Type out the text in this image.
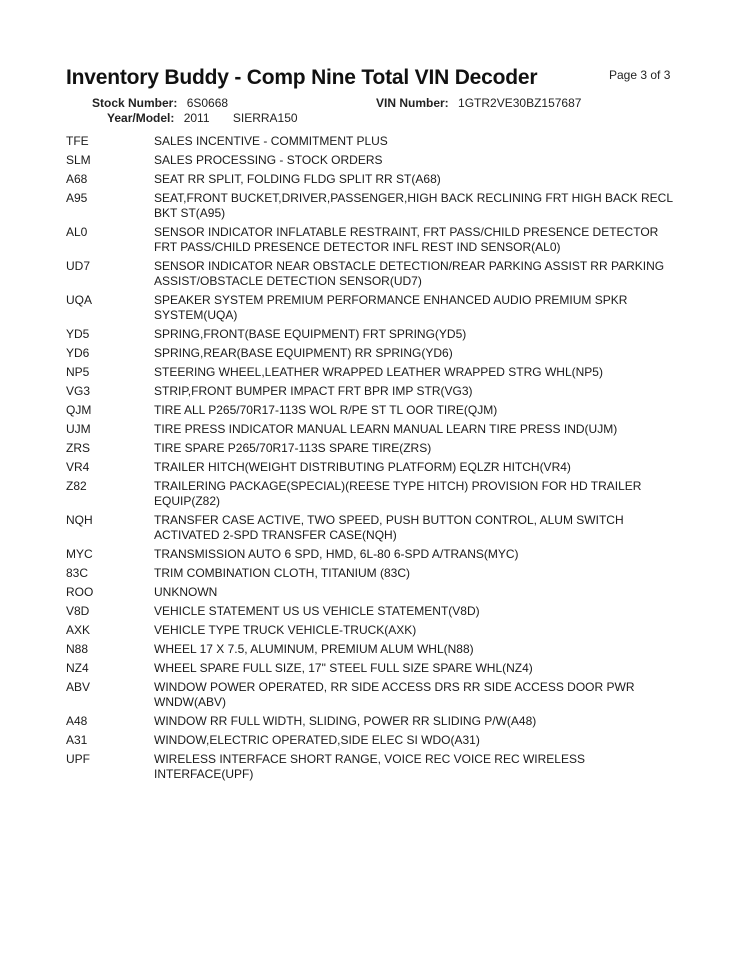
Inventory Buddy - Comp Nine Total VIN Decoder	Page 3 of 3
Stock Number: 6S0668	VIN Number: 1GTR2VE30BZ157687
Year/Model: 2011 SIERRA150
TFE	SALES INCENTIVE - COMMITMENT PLUS
SLM	SALES PROCESSING - STOCK ORDERS
A68	SEAT RR SPLIT, FOLDING FLDG SPLIT RR ST(A68)
A95	SEAT,FRONT BUCKET,DRIVER,PASSENGER,HIGH BACK RECLINING FRT HIGH BACK RECL BKT ST(A95)
AL0	SENSOR INDICATOR INFLATABLE RESTRAINT, FRT PASS/CHILD PRESENCE DETECTOR FRT PASS/CHILD PRESENCE DETECTOR INFL REST IND SENSOR(AL0)
UD7	SENSOR INDICATOR NEAR OBSTACLE DETECTION/REAR PARKING ASSIST RR PARKING ASSIST/OBSTACLE DETECTION SENSOR(UD7)
UQA	SPEAKER SYSTEM PREMIUM PERFORMANCE ENHANCED AUDIO PREMIUM SPKR SYSTEM(UQA)
YD5	SPRING,FRONT(BASE EQUIPMENT) FRT SPRING(YD5)
YD6	SPRING,REAR(BASE EQUIPMENT) RR SPRING(YD6)
NP5	STEERING WHEEL,LEATHER WRAPPED LEATHER WRAPPED STRG WHL(NP5)
VG3	STRIP,FRONT BUMPER IMPACT FRT BPR IMP STR(VG3)
QJM	TIRE ALL P265/70R17-113S WOL R/PE ST TL OOR TIRE(QJM)
UJM	TIRE PRESS INDICATOR MANUAL LEARN MANUAL LEARN TIRE PRESS IND(UJM)
ZRS	TIRE SPARE P265/70R17-113S SPARE TIRE(ZRS)
VR4	TRAILER HITCH(WEIGHT DISTRIBUTING PLATFORM) EQLZR HITCH(VR4)
Z82	TRAILERING PACKAGE(SPECIAL)(REESE TYPE HITCH) PROVISION FOR HD TRAILER EQUIP(Z82)
NQH	TRANSFER CASE ACTIVE, TWO SPEED, PUSH BUTTON CONTROL, ALUM SWITCH ACTIVATED 2-SPD TRANSFER CASE(NQH)
MYC	TRANSMISSION AUTO 6 SPD, HMD, 6L-80 6-SPD A/TRANS(MYC)
83C	TRIM COMBINATION CLOTH, TITANIUM (83C)
ROO	UNKNOWN
V8D	VEHICLE STATEMENT US US VEHICLE STATEMENT(V8D)
AXK	VEHICLE TYPE TRUCK VEHICLE-TRUCK(AXK)
N88	WHEEL 17 X 7.5, ALUMINUM, PREMIUM ALUM WHL(N88)
NZ4	WHEEL SPARE FULL SIZE, 17" STEEL FULL SIZE SPARE WHL(NZ4)
ABV	WINDOW POWER OPERATED, RR SIDE ACCESS DRS RR SIDE ACCESS DOOR PWR WNDW(ABV)
A48	WINDOW RR FULL WIDTH, SLIDING, POWER RR SLIDING P/W(A48)
A31	WINDOW,ELECTRIC OPERATED,SIDE ELEC SI WDO(A31)
UPF	WIRELESS INTERFACE SHORT RANGE, VOICE REC VOICE REC WIRELESS INTERFACE(UPF)
